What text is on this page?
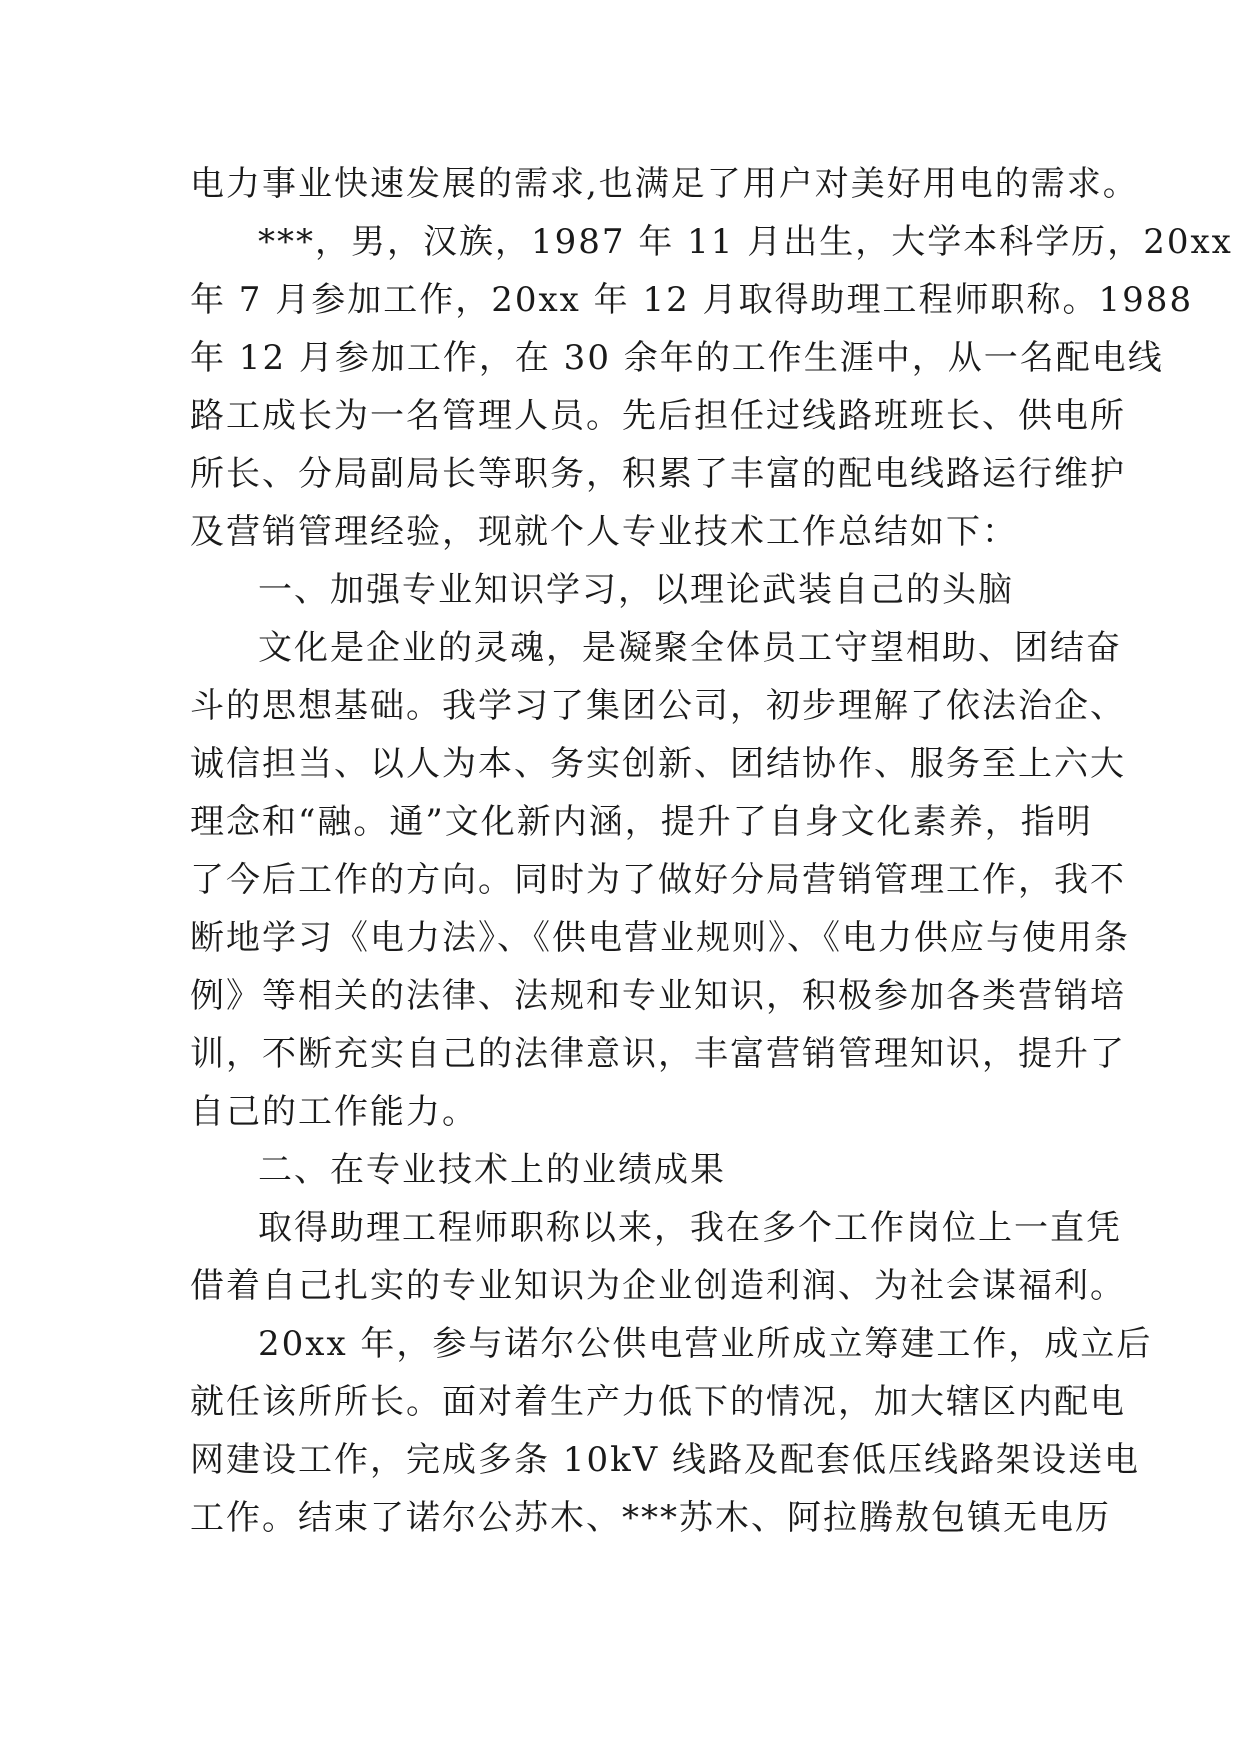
电力事业快速发展的需求,也满足了用户对美好用电的需求。
***，男，汉族，1987 年 11 月出生，大学本科学历，20xx
年 7 月参加工作，20xx 年 12 月取得助理工程师职称。1988
年 12 月参加工作，在 30 余年的工作生涯中，从一名配电线
路工成长为一名管理人员。先后担任过线路班班长、供电所
所长、分局副局长等职务，积累了丰富的配电线路运行维护
及营销管理经验，现就个人专业技术工作总结如下：
一、加强专业知识学习，以理论武装自己的头脑
文化是企业的灵魂，是凝聚全体员工守望相助、团结奋
斗的思想基础。我学习了集团公司，初步理解了依法治企、
诚信担当、以人为本、务实创新、团结协作、服务至上六大
理念和“融。通”文化新内涵，提升了自身文化素养，指明
了今后工作的方向。同时为了做好分局营销管理工作，我不
断地学习《电力法》、《供电营业规则》、《电力供应与使用条
例》等相关的法律、法规和专业知识，积极参加各类营销培
训，不断充实自己的法律意识，丰富营销管理知识，提升了
自己的工作能力。
二、在专业技术上的业绩成果
取得助理工程师职称以来，我在多个工作岗位上一直凭
借着自己扎实的专业知识为企业创造利润、为社会谋福利。
20xx 年，参与诺尔公供电营业所成立筹建工作，成立后
就任该所所长。面对着生产力低下的情况，加大辖区内配电
网建设工作，完成多条 10kV 线路及配套低压线路架设送电
工作。结束了诺尔公苏木、***苏木、阿拉腾敖包镇无电历
